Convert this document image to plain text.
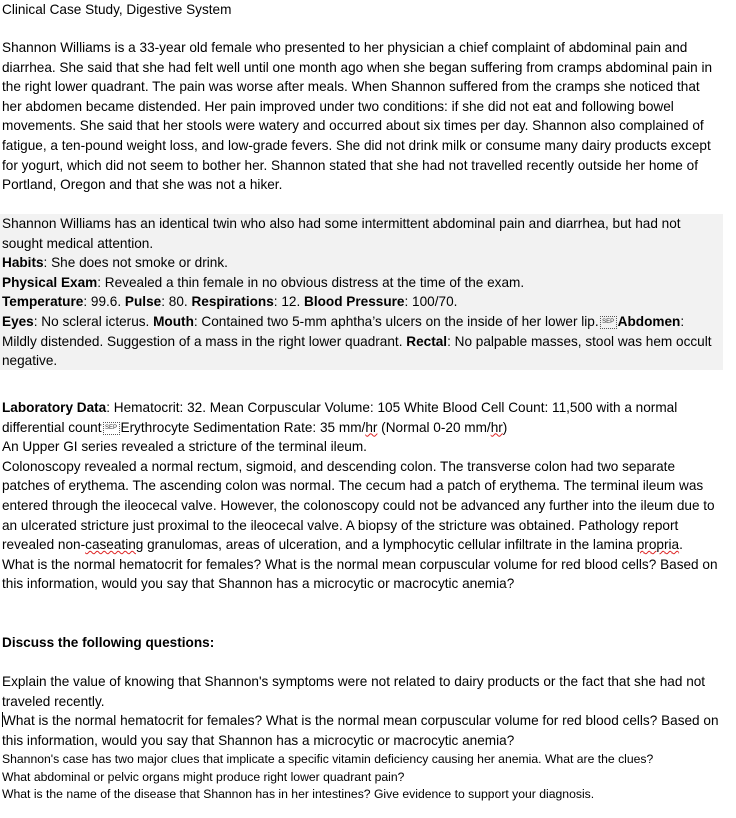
Clinical Case Study, Digestive System

Shannon Williams is a 33-year old female who presented to her physician a chief complaint of abdominal pain and diarrhea. She said that she had felt well until one month ago when she began suffering from cramps abdominal pain in the right lower quadrant. The pain was worse after meals. When Shannon suffered from the cramps she noticed that her abdomen became distended. Her pain improved under two conditions: if she did not eat and following bowel movements. She said that her stools were watery and occurred about six times per day. Shannon also complained of fatigue, a ten-pound weight loss, and low-grade fevers. She did not drink milk or consume many dairy products except for yogurt, which did not seem to bother her. Shannon stated that she had not travelled recently outside her home of Portland, Oregon and that she was not a hiker.

Shannon Williams has an identical twin who also had some intermittent abdominal pain and diarrhea, but had not sought medical attention.
Habits: She does not smoke or drink.
Physical Exam: Revealed a thin female in no obvious distress at the time of the exam.
Temperature: 99.6. Pulse: 80. Respirations: 12. Blood Pressure: 100/70.
Eyes: No scleral icterus. Mouth: Contained two 5-mm aphtha’s ulcers on the inside of her lower lip. SEP Abdomen: Mildly distended. Suggestion of a mass in the right lower quadrant. Rectal: No palpable masses, stool was hem occult negative.

Laboratory Data: Hematocrit: 32. Mean Corpuscular Volume: 105 White Blood Cell Count: 11,500 with a normal differential count SEP Erythrocyte Sedimentation Rate: 35 mm/hr (Normal 0-20 mm/hr)
An Upper GI series revealed a stricture of the terminal ileum.
Colonoscopy revealed a normal rectum, sigmoid, and descending colon. The transverse colon had two separate patches of erythema. The ascending colon was normal. The cecum had a patch of erythema. The terminal ileum was entered through the ileocecal valve. However, the colonoscopy could not be advanced any further into the ileum due to an ulcerated stricture just proximal to the ileocecal valve. A biopsy of the stricture was obtained. Pathology report revealed non-caseating granulomas, areas of ulceration, and a lymphocytic cellular infiltrate in the lamina propria.
What is the normal hematocrit for females? What is the normal mean corpuscular volume for red blood cells? Based on this information, would you say that Shannon has a microcytic or macrocytic anemia?

Discuss the following questions:

Explain the value of knowing that Shannon's symptoms were not related to dairy products or the fact that she had not traveled recently.
What is the normal hematocrit for females? What is the normal mean corpuscular volume for red blood cells? Based on this information, would you say that Shannon has a microcytic or macrocytic anemia?

Shannon's case has two major clues that implicate a specific vitamin deficiency causing her anemia. What are the clues?
What abdominal or pelvic organs might produce right lower quadrant pain?
What is the name of the disease that Shannon has in her intestines? Give evidence to support your diagnosis.
